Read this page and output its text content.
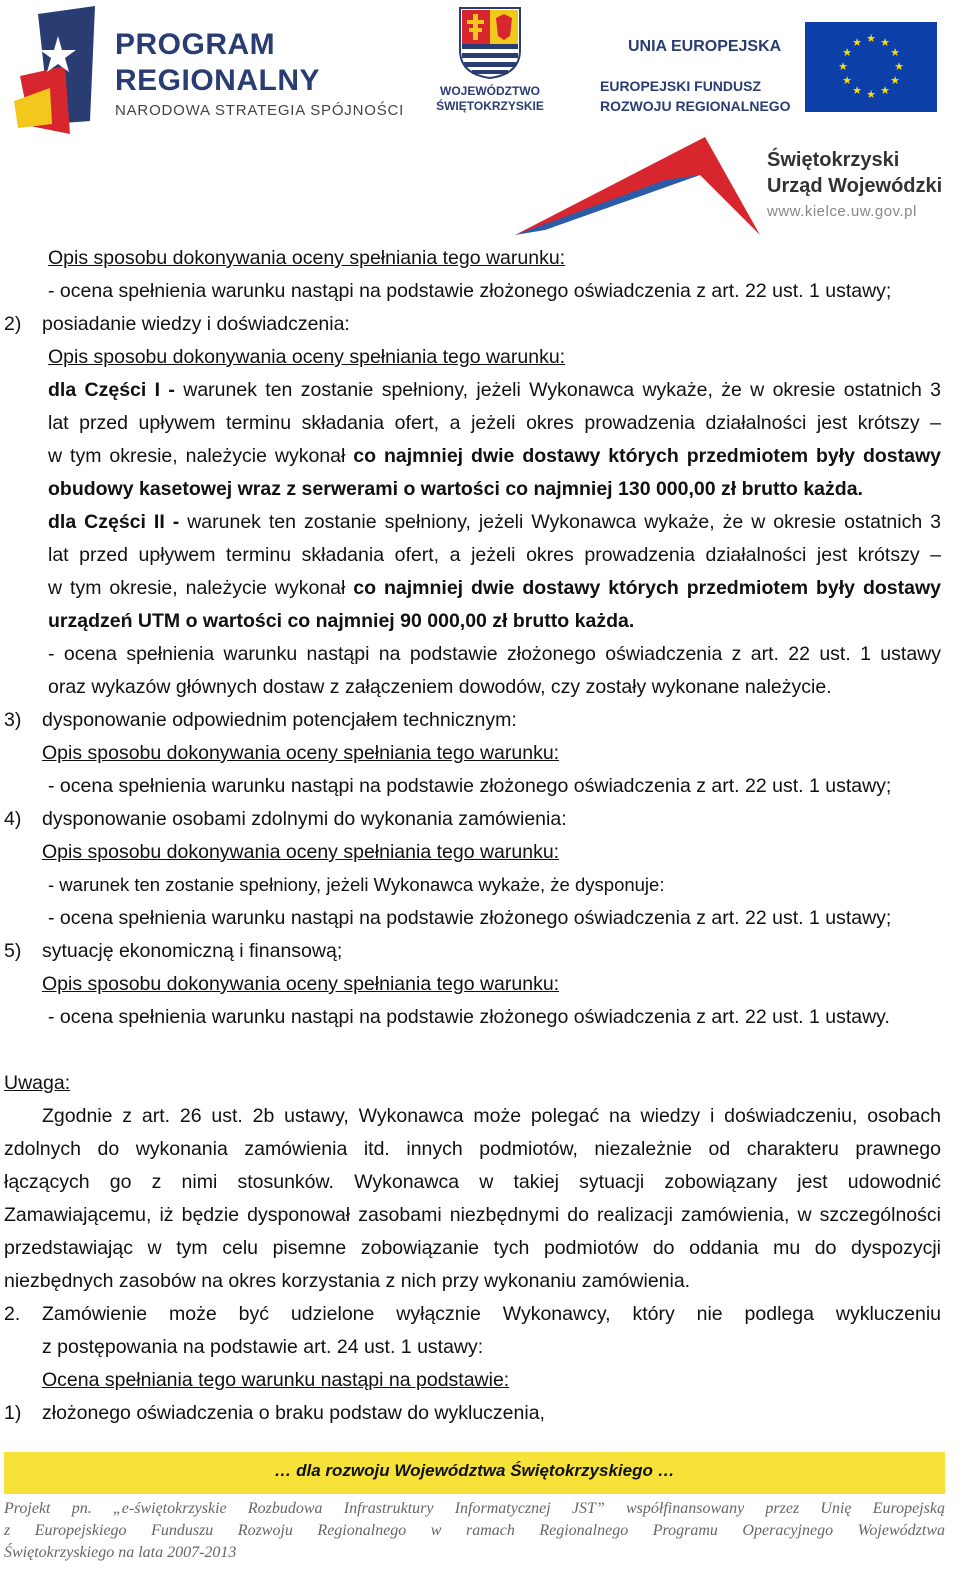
PROGRAM
REGIONALNY
NARODOWA STRATEGIA SPÓJNOŚCI
WOJEWÓDZTWO
ŚWIĘTOKRZYSKIE
UNIA EUROPEJSKA
EUROPEJSKI FUNDUSZ
ROZWOJU REGIONALNEGO
★ ★
★
★
★
★
★
★
★
★
★
★
Świętokrzyski
Urząd Wojewódzki
www.kielce.uw.gov.pl
Opis sposobu dokonywania oceny spełniania tego warunku:
- ocena spełnienia warunku nastąpi na podstawie złożonego oświadczenia z art. 22 ust. 1 ustawy;
2) posiadanie wiedzy i doświadczenia:
Opis sposobu dokonywania oceny spełniania tego warunku:
dla Części I - warunek ten zostanie spełniony, jeżeli Wykonawca wykaże, że w okresie ostatnich 3
lat przed upływem terminu składania ofert, a jeżeli okres prowadzenia działalności jest krótszy –
w tym okresie, należycie wykonał co najmniej dwie dostawy których przedmiotem były dostawy
obudowy kasetowej wraz z serwerami o wartości co najmniej 130 000,00 zł brutto każda.
dla Części II - warunek ten zostanie spełniony, jeżeli Wykonawca wykaże, że w okresie ostatnich 3
lat przed upływem terminu składania ofert, a jeżeli okres prowadzenia działalności jest krótszy –
w tym okresie, należycie wykonał co najmniej dwie dostawy których przedmiotem były dostawy
urządzeń UTM o wartości co najmniej 90 000,00 zł brutto każda.
- ocena spełnienia warunku nastąpi na podstawie złożonego oświadczenia z art. 22 ust. 1 ustawy
oraz wykazów głównych dostaw z załączeniem dowodów, czy zostały wykonane należycie.
3) dysponowanie odpowiednim potencjałem technicznym:
Opis sposobu dokonywania oceny spełniania tego warunku:
- ocena spełnienia warunku nastąpi na podstawie złożonego oświadczenia z art. 22 ust. 1 ustawy;
4) dysponowanie osobami zdolnymi do wykonania zamówienia:
Opis sposobu dokonywania oceny spełniania tego warunku:
- warunek ten zostanie spełniony, jeżeli Wykonawca wykaże, że dysponuje:
- ocena spełnienia warunku nastąpi na podstawie złożonego oświadczenia z art. 22 ust. 1 ustawy;
5) sytuację ekonomiczną i finansową;
Opis sposobu dokonywania oceny spełniania tego warunku:
- ocena spełnienia warunku nastąpi na podstawie złożonego oświadczenia z art. 22 ust. 1 ustawy.
Uwaga:
Zgodnie z art. 26 ust. 2b ustawy, Wykonawca może polegać na wiedzy i doświadczeniu, osobach
zdolnych do wykonania zamówienia itd. innych podmiotów, niezależnie od charakteru prawnego
łączących go z nimi stosunków. Wykonawca w takiej sytuacji zobowiązany jest udowodnić
Zamawiającemu, iż będzie dysponował zasobami niezbędnymi do realizacji zamówienia, w szczególności
przedstawiając w tym celu pisemne zobowiązanie tych podmiotów do oddania mu do dyspozycji
niezbędnych zasobów na okres korzystania z nich przy wykonaniu zamówienia.
2. Zamówienie może być udzielone wyłącznie Wykonawcy, który nie podlega wykluczeniu
z postępowania na podstawie art. 24 ust. 1 ustawy:
Ocena spełniania tego warunku nastąpi na podstawie:
1) złożonego oświadczenia o braku podstaw do wykluczenia,
… dla rozwoju Województwa Świętokrzyskiego …
Projekt pn. „e-świętokrzyskie Rozbudowa Infrastruktury Informatycznej JST” współfinansowany przez Unię Europejską
z Europejskiego Funduszu Rozwoju Regionalnego w ramach Regionalnego Programu Operacyjnego Województwa
Świętokrzyskiego na lata 2007-2013
